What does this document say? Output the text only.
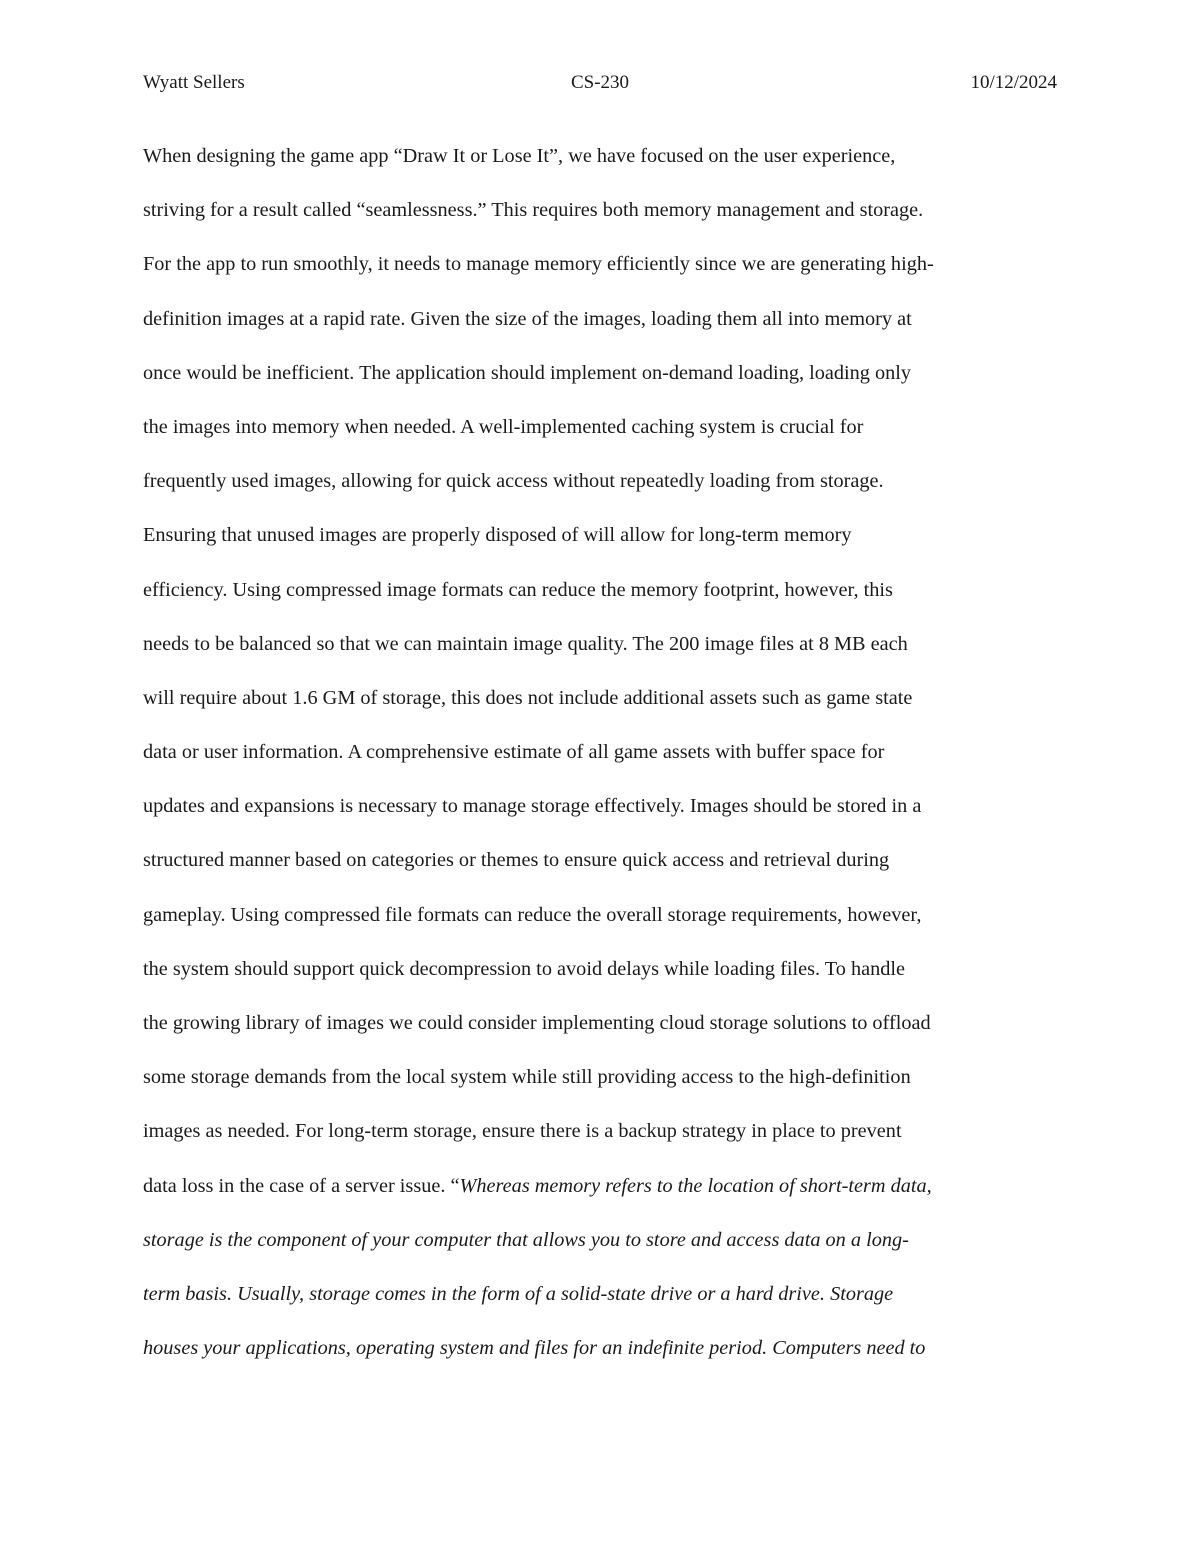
Wyatt Sellers	CS-230	10/12/2024
When designing the game app “Draw It or Lose It”, we have focused on the user experience,
striving for a result called “seamlessness.” This requires both memory management and storage.
For the app to run smoothly, it needs to manage memory efficiently since we are generating high-
definition images at a rapid rate. Given the size of the images, loading them all into memory at
once would be inefficient. The application should implement on-demand loading, loading only
the images into memory when needed. A well-implemented caching system is crucial for
frequently used images, allowing for quick access without repeatedly loading from storage.
Ensuring that unused images are properly disposed of will allow for long-term memory
efficiency. Using compressed image formats can reduce the memory footprint, however, this
needs to be balanced so that we can maintain image quality. The 200 image files at 8 MB each
will require about 1.6 GM of storage, this does not include additional assets such as game state
data or user information. A comprehensive estimate of all game assets with buffer space for
updates and expansions is necessary to manage storage effectively. Images should be stored in a
structured manner based on categories or themes to ensure quick access and retrieval during
gameplay. Using compressed file formats can reduce the overall storage requirements, however,
the system should support quick decompression to avoid delays while loading files. To handle
the growing library of images we could consider implementing cloud storage solutions to offload
some storage demands from the local system while still providing access to the high-definition
images as needed. For long-term storage, ensure there is a backup strategy in place to prevent
data loss in the case of a server issue. “Whereas memory refers to the location of short-term data,
storage is the component of your computer that allows you to store and access data on a long-
term basis. Usually, storage comes in the form of a solid-state drive or a hard drive. Storage
houses your applications, operating system and files for an indefinite period. Computers need to
